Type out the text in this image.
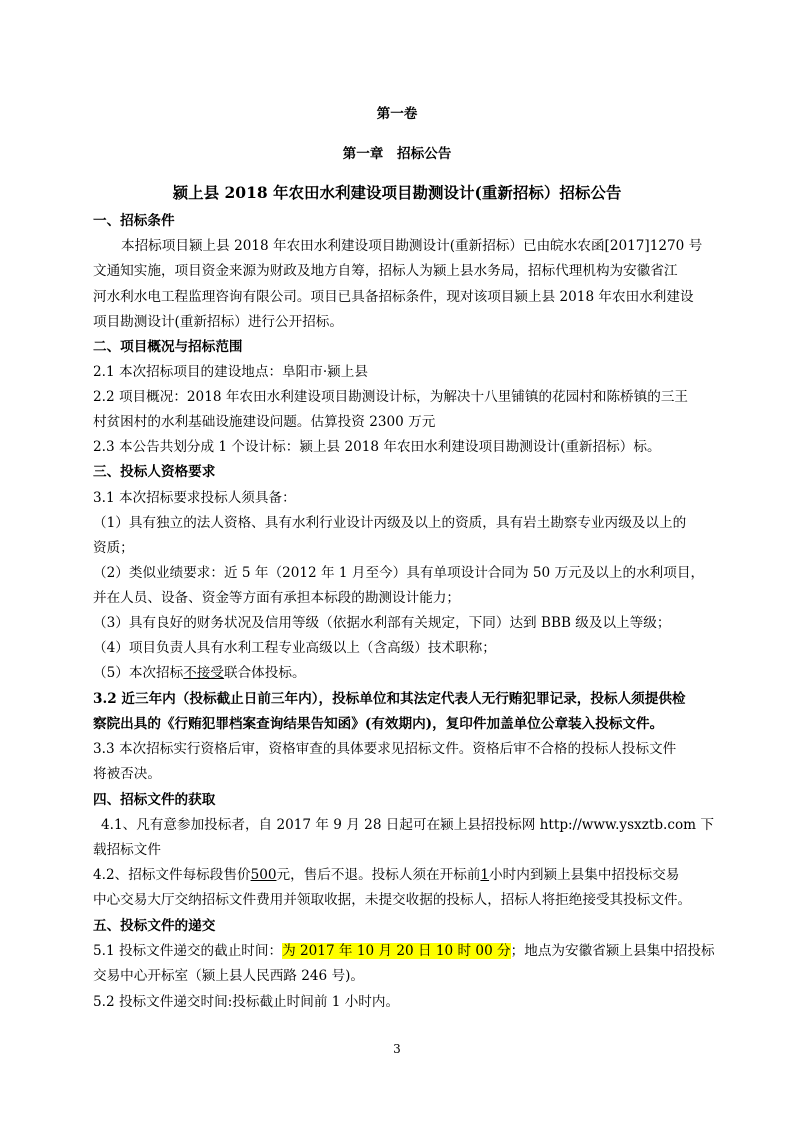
第一卷
第一章　招标公告
颍上县 2018 年农田水利建设项目勘测设计(重新招标）招标公告
一、招标条件
本招标项目颍上县 2018 年农田水利建设项目勘测设计(重新招标）已由皖水农函[2017]1270 号
文通知实施，项目资金来源为财政及地方自筹，招标人为颍上县水务局，招标代理机构为安徽省江
河水利水电工程监理咨询有限公司。项目已具备招标条件，现对该项目颍上县 2018 年农田水利建设
项目勘测设计(重新招标）进行公开招标。
二、项目概况与招标范围
2.1 本次招标项目的建设地点：阜阳市·颍上县
2.2 项目概况：2018 年农田水利建设项目勘测设计标，为解决十八里铺镇的花园村和陈桥镇的三王
村贫困村的水利基础设施建设问题。估算投资 2300 万元
2.3 本公告共划分成 1 个设计标：颍上县 2018 年农田水利建设项目勘测设计(重新招标）标。
三、投标人资格要求
3.1 本次招标要求投标人须具备：
（1）具有独立的法人资格、具有水利行业设计丙级及以上的资质，具有岩土勘察专业丙级及以上的
资质；
（2）类似业绩要求：近 5 年（2012 年 1 月至今）具有单项设计合同为 50 万元及以上的水利项目，
并在人员、设备、资金等方面有承担本标段的勘测设计能力；
（3）具有良好的财务状况及信用等级（依据水利部有关规定，下同）达到 BBB 级及以上等级；
（4）项目负责人具有水利工程专业高级以上（含高级）技术职称；
（5）本次招标不接受联合体投标。
3.2 近三年内（投标截止日前三年内），投标单位和其法定代表人无行贿犯罪记录，投标人须提供检
察院出具的《行贿犯罪档案查询结果告知函》(有效期内)，复印件加盖单位公章装入投标文件。
3.3 本次招标实行资格后审，资格审查的具体要求见招标文件。资格后审不合格的投标人投标文件
将被否决。
四、招标文件的获取
4.1、凡有意参加投标者，自 2017 年 9 月 28 日起可在颍上县招投标网 http://www.ysxztb.com 下
载招标文件
4.2、招标文件每标段售价500元，售后不退。投标人须在开标前1小时内到颍上县集中招投标交易
中心交易大厅交纳招标文件费用并领取收据，未提交收据的投标人，招标人将拒绝接受其投标文件。
五、投标文件的递交
5.1 投标文件递交的截止时间：为 2017 年 10 月 20 日 10 时 00 分；地点为安徽省颍上县集中招投标
交易中心开标室（颍上县人民西路 246 号)。
5.2 投标文件递交时间:投标截止时间前 1 小时内。
3
